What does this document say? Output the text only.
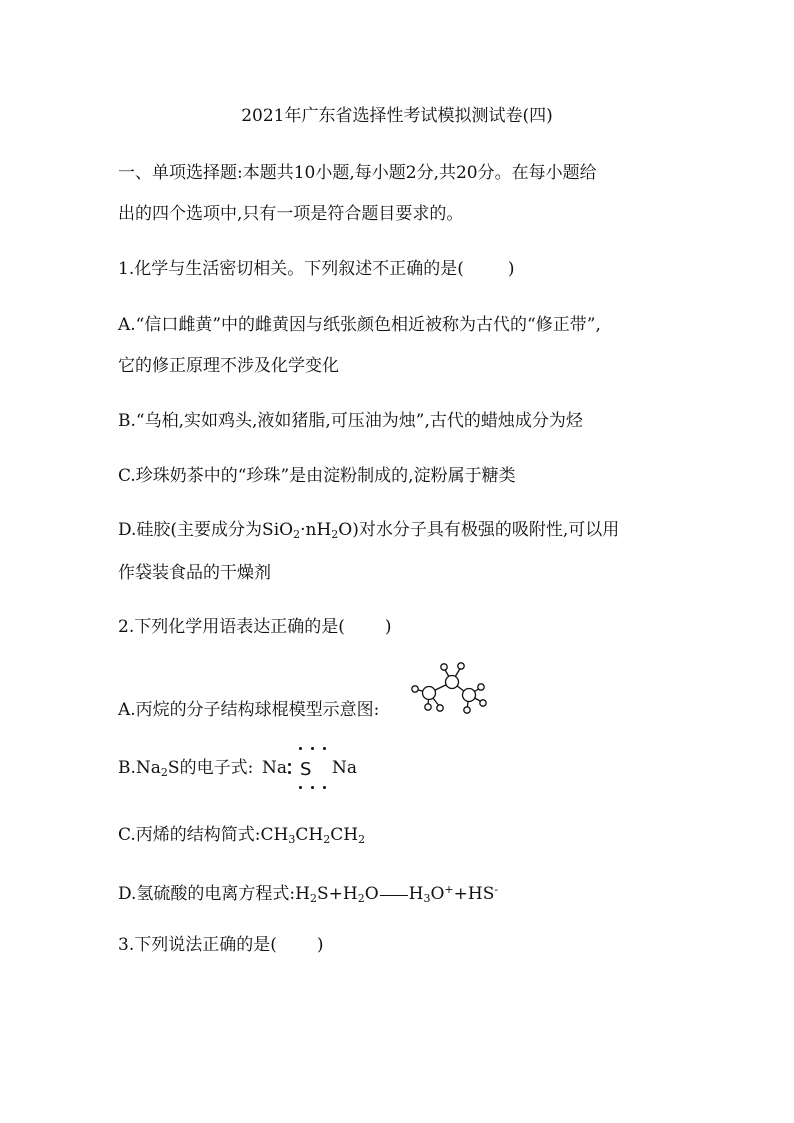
2021年广东省选择性考试模拟测试卷(四)
一、单项选择题:本题共10小题,每小题2分,共20分。在每小题给
出的四个选项中,只有一项是符合题目要求的。
1.化学与生活密切相关。下列叙述不正确的是(	)
A.“信口雌黄”中的雌黄因与纸张颜色相近被称为古代的“修正带”,
它的修正原理不涉及化学变化
B.“乌桕,实如鸡头,液如猪脂,可压油为烛”,古代的蜡烛成分为烃
C.珍珠奶茶中的“珍珠”是由淀粉制成的,淀粉属于糖类
D.硅胶(主要成分为$SiO_2\cdot nH_2O$)对水分子具有极强的吸附性,可以用
作袋装食品的干燥剂
2.下列化学用语表达正确的是( )
A.丙烷的分子结构球棍模型示意图:
$B.Na_2S$的电子式: Na S Na
C.丙烯的结构简式$:CH_3CH_2CH_2$
D.氢硫酸的电离方程式$:H_2S+H_2O$ $H_3O^++HS^-$
3.下列说法正确的是( )
